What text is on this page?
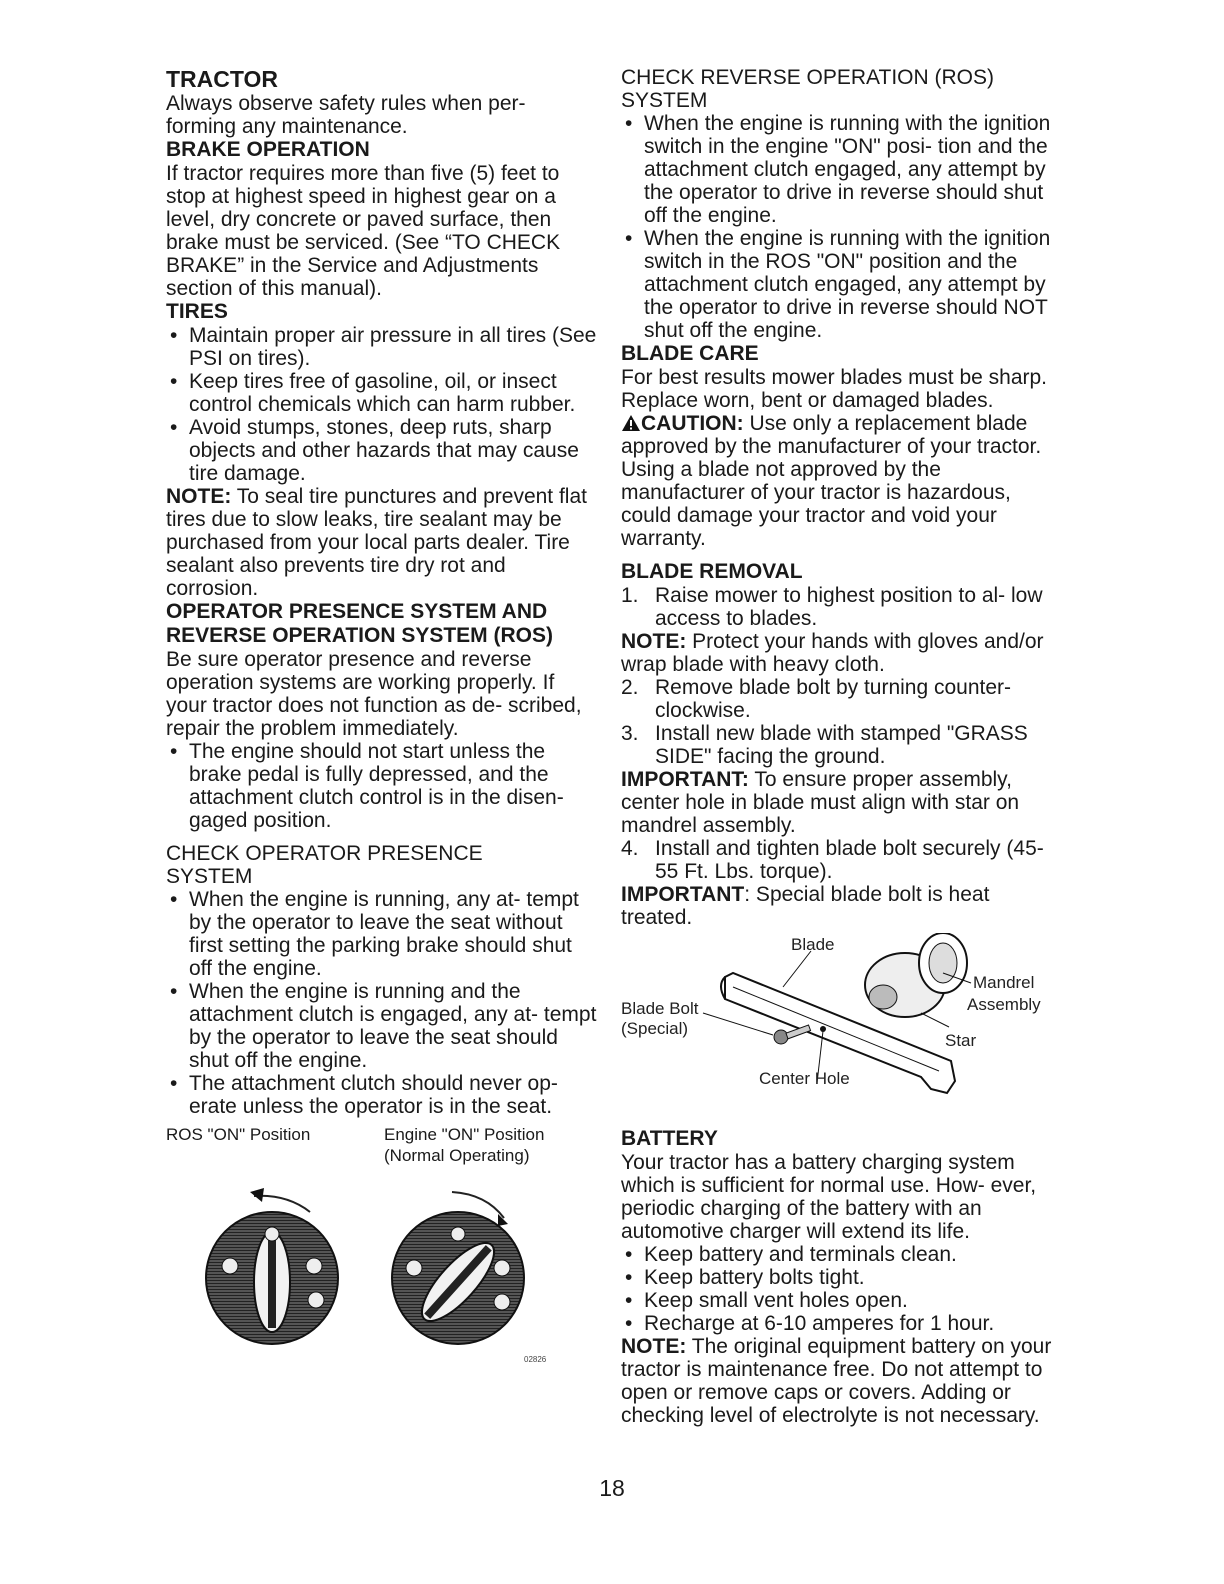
TRACTOR

Always observe safety rules when per- forming any maintenance.

BRAKE OPERATION

If tractor requires more than five (5) feet to stop at highest speed in highest gear on a level, dry concrete or paved surface, then brake must be serviced. (See “TO CHECK BRAKE” in the Service and Adjustments section of this manual).

TIRES
• Maintain proper air pressure in all tires (See PSI on tires).
• Keep tires free of gasoline, oil, or insect control chemicals which can harm rubber.
• Avoid stumps, stones, deep ruts, sharp objects and other hazards that may cause tire damage.

NOTE: To seal tire punctures and prevent flat tires due to slow leaks, tire sealant may be purchased from your local parts dealer. Tire sealant also prevents tire dry rot and corrosion.

OPERATOR PRESENCE SYSTEM AND
REVERSE OPERATION SYSTEM (ROS)

Be sure operator presence and reverse operation systems are working properly. If your tractor does not function as de- scribed, repair the problem immediately.

• The engine should not start unless the brake pedal is fully depressed, and the attachment clutch control is in the disen- gaged position.

CHECK OPERATOR PRESENCE SYSTEM

• When the engine is running, any at- tempt by the operator to leave the seat without first setting the parking brake should shut off the engine.
• When the engine is running and the attachment clutch is engaged, any at- tempt by the operator to leave the seat should shut off the engine.
• The attachment clutch should never op- erate unless the operator is in the seat.
ROS "ON" Position	Engine "ON" Position
(Normal Operating)
02826

CHECK REVERSE OPERATION (ROS) SYSTEM

• When the engine is running with the ignition switch in the engine "ON" posi- tion and the attachment clutch engaged, any attempt by the operator to drive in reverse should shut off the engine.
• When the engine is running with the ignition switch in the ROS "ON" position and the attachment clutch engaged, any attempt by the operator to drive in reverse should NOT shut off the engine.
BLADE CARE

For best results mower blades must be sharp. Replace worn, bent or damaged blades.

CAUTION: Use only a replacement blade approved by the manufacturer of your tractor. Using a blade not approved by the manufacturer of your tractor is hazardous, could damage your tractor and void your warranty.

BLADE REMOVAL
1. Raise mower to highest position to al- low access to blades.

NOTE: Protect your hands with gloves and/or wrap blade with heavy cloth.

2. Remove blade bolt by turning counter- clockwise.
3. Install new blade with stamped "GRASS SIDE" facing the ground.

IMPORTANT: To ensure proper assembly, center hole in blade must align with star on mandrel assembly.

4. Install and tighten blade bolt securely (45-55 Ft. Lbs. torque).

IMPORTANT: Special blade bolt is heat treated.

Blade
Mandrel
Assembly
Blade Bolt
(Special)
Star
Center Hole
BATTERY

Your tractor has a battery charging system which is sufficient for normal use. How- ever, periodic charging of the battery with an automotive charger will extend its life.

• Keep battery and terminals clean.
• Keep battery bolts tight.
• Keep small vent holes open.
• Recharge at 6-10 amperes for 1 hour.

NOTE: The original equipment battery on your tractor is maintenance free. Do not attempt to open or remove caps or covers. Adding or checking level of electrolyte is not necessary.

18
